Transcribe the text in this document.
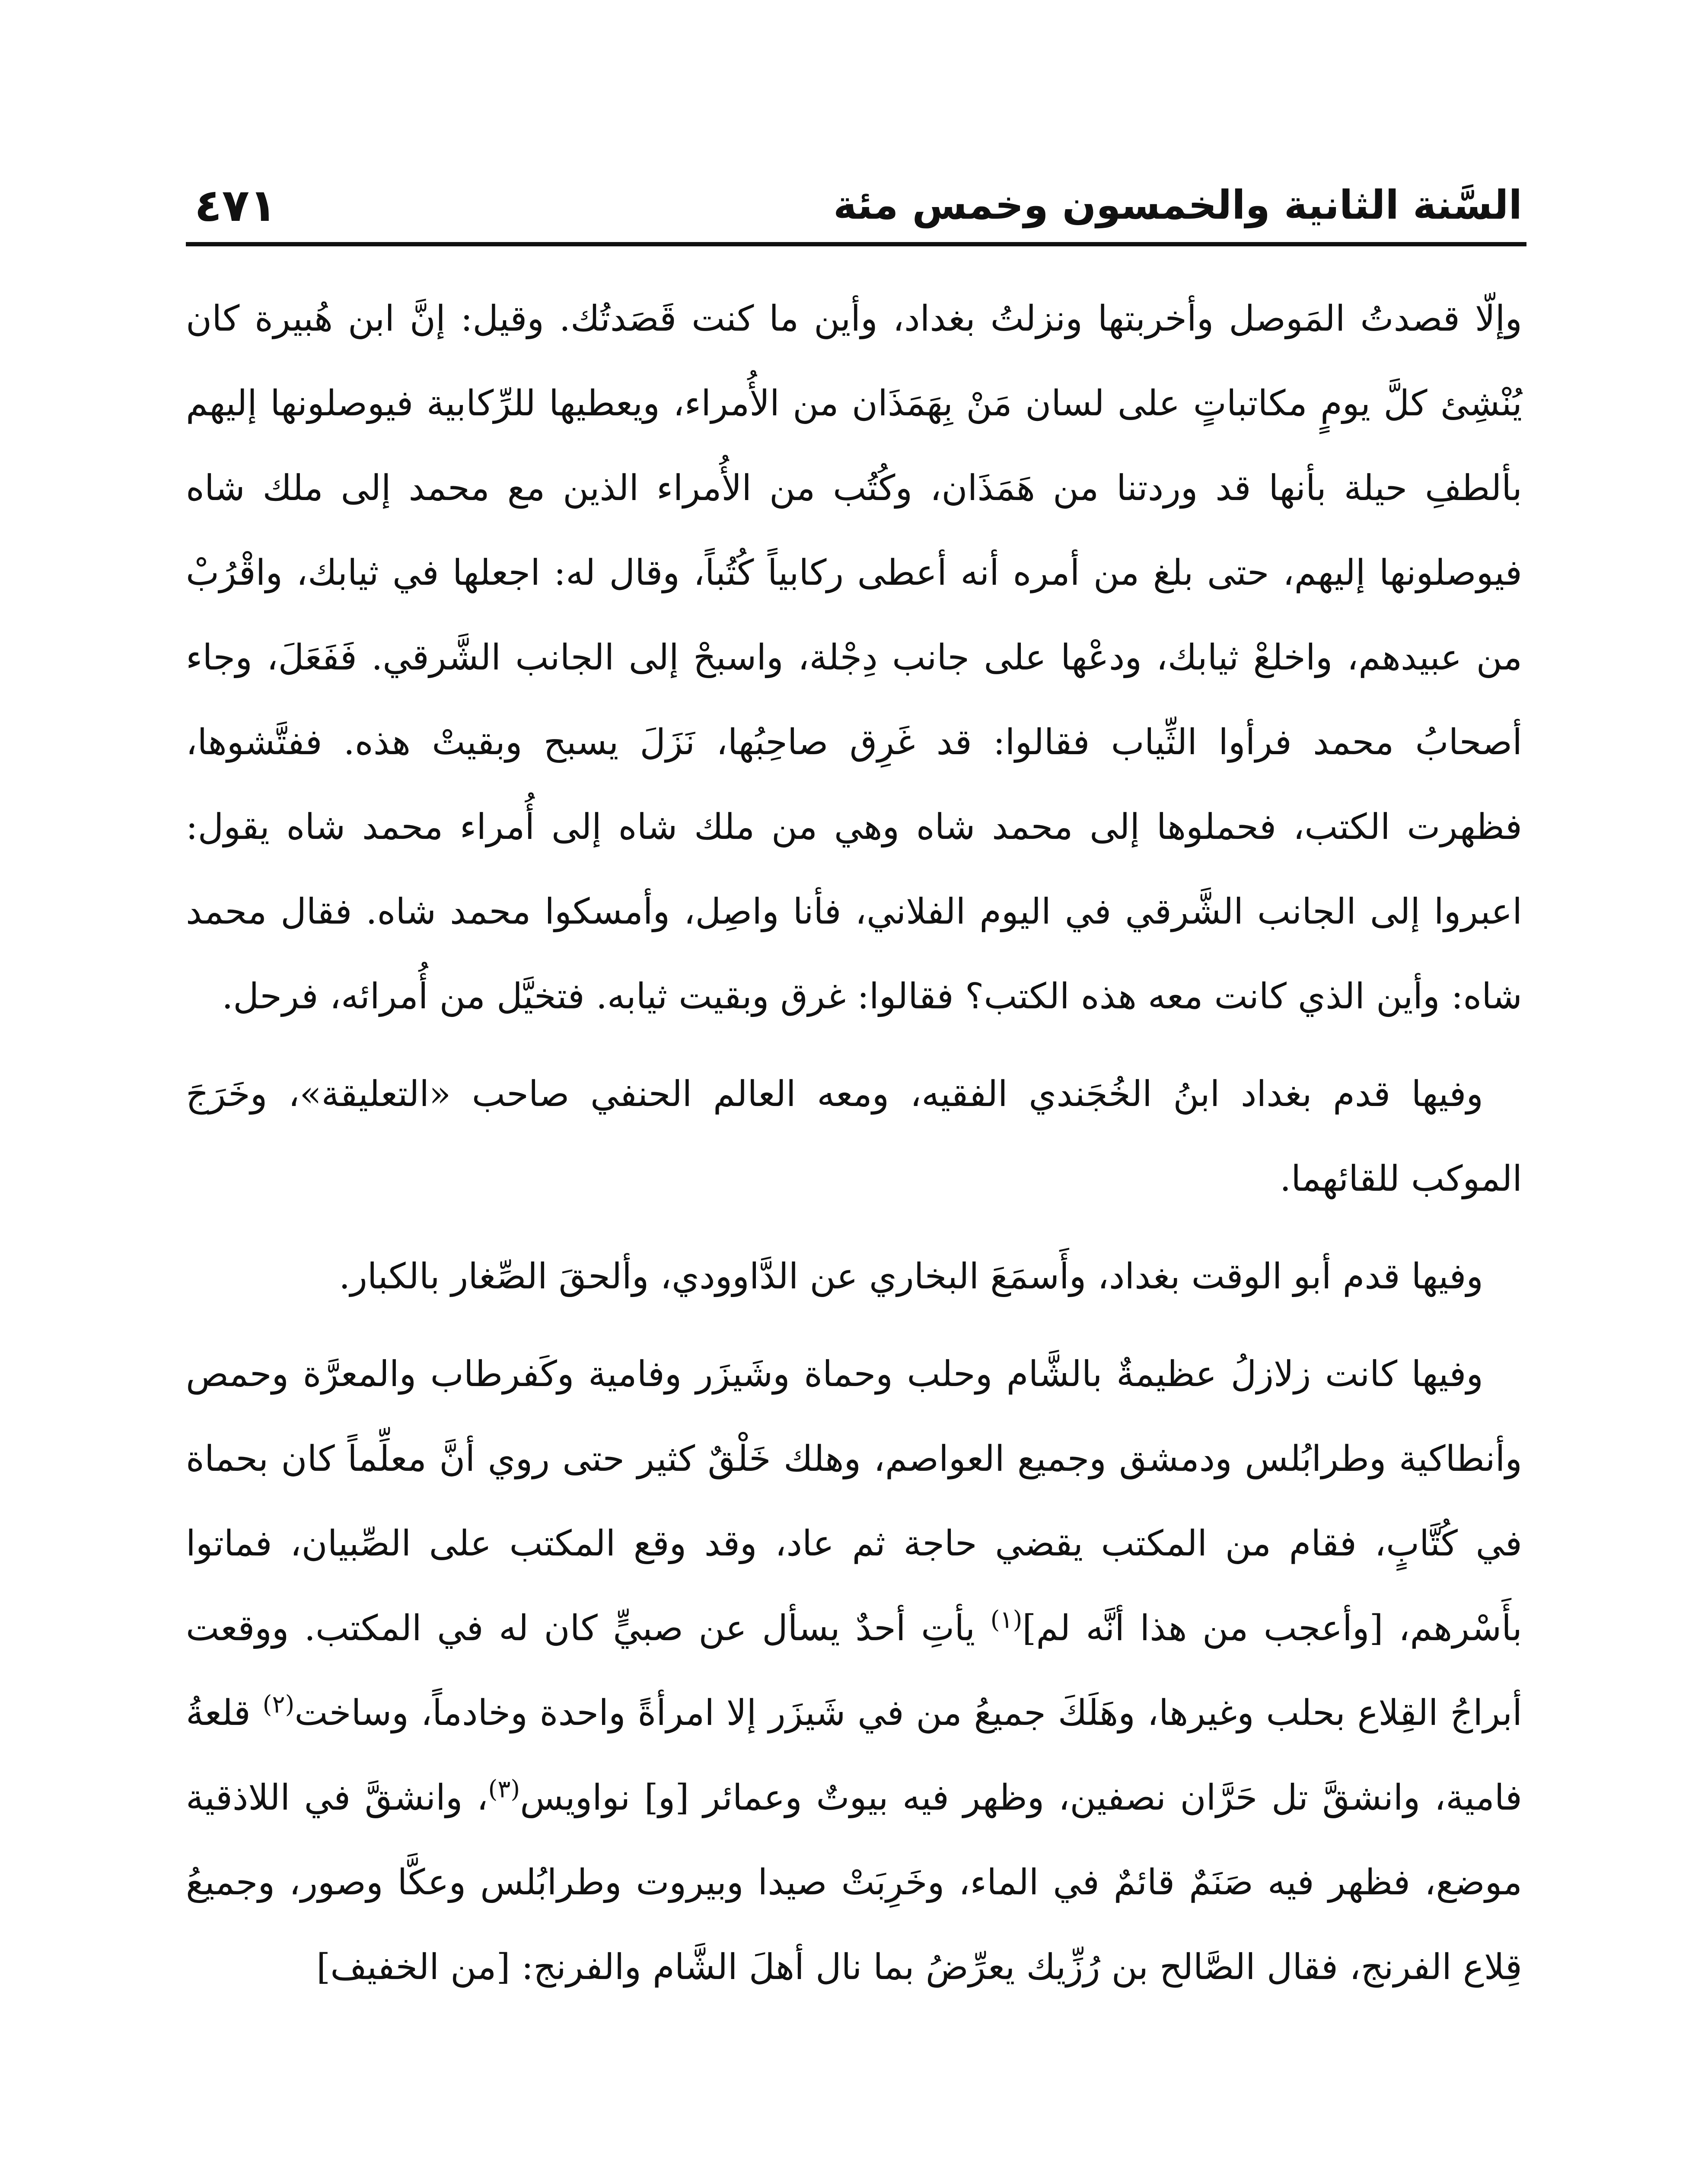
السَّنة الثانية والخمسون وخمس مئة
٤٧١

وإلّا قصدتُ المَوصل وأخربتها ونزلتُ بغداد، وأين ما كنت قَصَدتُك. وقيل: إنَّ ابن هُبيرة كان يُنْشِئ كلَّ يومٍ مكاتباتٍ على لسان مَنْ بِهَمَذَان من الأُمراء، ويعطيها للرِّكابية فيوصلونها إليهم بألطفِ حيلة بأنها قد وردتنا من هَمَذَان، وكُتُب من الأُمراء الذين مع محمد إلى ملك شاه فيوصلونها إليهم، حتى بلغ من أمره أنه أعطى ركابياً كُتُباً، وقال له: اجعلها في ثيابك، واقْرُبْ من عبيدهم، واخلعْ ثيابك، ودعْها على جانب دِجْلة، واسبحْ إلى الجانب الشَّرقي. فَفَعَلَ، وجاء أصحابُ محمد فرأوا الثِّياب فقالوا: قد غَرِق صاحِبُها، نَزَلَ يسبح وبقيتْ هذه. ففتَّشوها، فظهرت الكتب، فحملوها إلى محمد شاه وهي من ملك شاه إلى أُمراء محمد شاه يقول: اعبروا إلى الجانب الشَّرقي في اليوم الفلاني، فأنا واصِل، وأمسكوا محمد شاه. فقال محمد شاه: وأين الذي كانت معه هذه الكتب؟ فقالوا: غرق وبقيت ثيابه. فتخيَّل من أُمرائه، فرحل.

وفيها قدم بغداد ابنُ الخُجَندي الفقيه، ومعه العالم الحنفي صاحب «التعليقة»، وخَرَجَ الموكب للقائهما.

وفيها قدم أبو الوقت بغداد، وأَسمَعَ البخاري عن الدَّاوودي، وألحقَ الصِّغار بالكبار.

وفيها كانت زلازلُ عظيمةٌ بالشَّام وحلب وحماة وشَيزَر وفامية وكَفرطاب والمعرَّة وحمص وأنطاكية وطرابُلس ودمشق وجميع العواصم، وهلك خَلْقٌ كثير حتى روي أنَّ معلِّماً كان بحماة في كُتَّابٍ، فقام من المكتب يقضي حاجة ثم عاد، وقد وقع المكتب على الصِّبيان، فماتوا بأَسْرهم، [وأعجب من هذا أنَّه لم]$^{(١)}$ يأتِ أحدٌ يسأل عن صبيٍّ كان له في المكتب. ووقعت أبراجُ القِلاع بحلب وغيرها، وهَلَكَ جميعُ من في شَيزَر إلا امرأةً واحدة وخادماً، وساخت$^{(٢)}$ قلعةُ فامية، وانشقَّ تل حَرَّان نصفين، وظهر فيه بيوتٌ وعمائر [و] نواويس$^{(٣)}$، وانشقَّ في اللاذقية موضع، فظهر فيه صَنَمٌ قائمٌ في الماء، وخَرِبَتْ صيدا وبيروت وطرابُلس وعكَّا وصور، وجميعُ قِلاع الفرنج، فقال الصَّالح بن رُزِّيك يعرِّضُ بما نال أهلَ الشَّام والفرنج: [من الخفيف]
